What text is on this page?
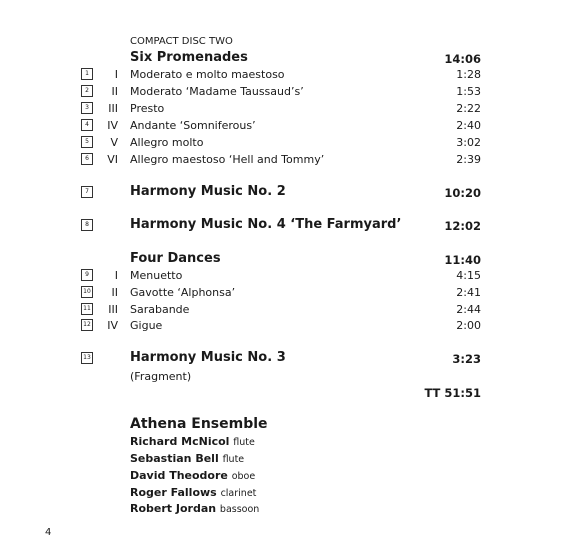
COMPACT DISC TWO
Six Promenades	14:06
1	I Moderato e molto maestoso	1:28
2	II Moderato ‘Madame Taussaud’s’	1:53
3	III Presto	2:22
4	IV Andante ‘Somniferous’	2:40
5	V Allegro molto	3:02
6	VI Allegro maestoso ‘Hell and Tommy’	2:39
7	Harmony Music No. 2	10:20
8	Harmony Music No. 4 ‘The Farmyard’	12:02
Four Dances	11:40
9	I Menuetto	4:15
10	II Gavotte ‘Alphonsa’	2:41
11	III Sarabande	2:44
12	IV Gigue	2:00
13	Harmony Music No. 3	3:23
(Fragment)
TT 51:51
Athena Ensemble
Richard McNicol flute
Sebastian Bell flute
David Theodore oboe
Roger Fallows clarinet
Robert Jordan bassoon
4
